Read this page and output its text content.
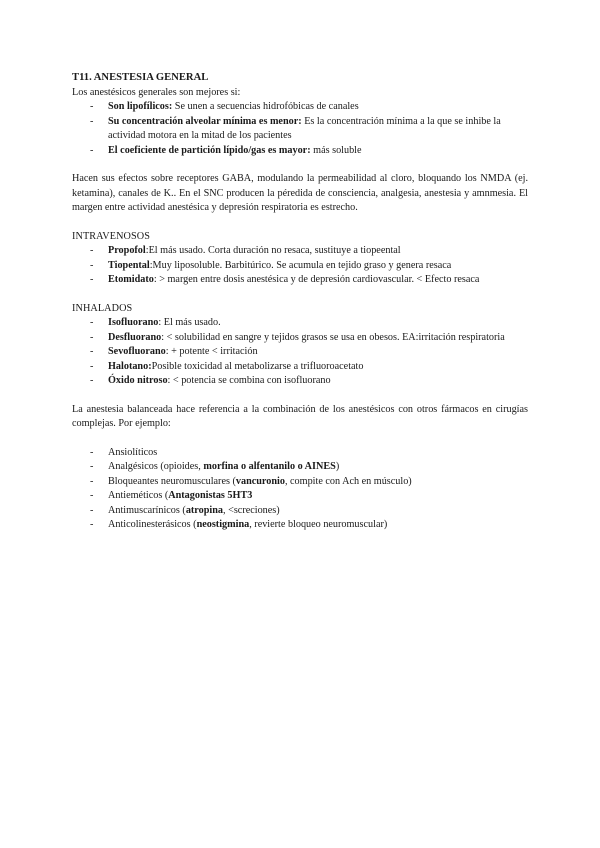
T11. ANESTESIA GENERAL

Los anestésicos generales son mejores si:

- Son lipofílicos: Se unen a secuencias hidrofóbicas de canales
- Su concentración alveolar mínima es menor: Es la concentración mínima a la que se inhibe la actividad motora en la mitad de los pacientes
- El coeficiente de partición lípido/gas es mayor: más soluble

Hacen sus efectos sobre receptores GABA, modulando la permeabilidad al cloro, bloquando los NMDA (ej. ketamina), canales de K.. En el SNC producen la péredida de consciencia, analgesia, anestesia y amnmesia. El margen entre actividad anestésica y depresión respiratoria es estrecho.

INTRAVENOSOS

- Propofol:El más usado. Corta duración no resaca, sustituye a tiopeental
- Tiopental:Muy liposoluble. Barbitúrico. Se acumula en tejido graso y genera resaca
- Etomidato: > margen entre dosis anestésica y de depresión cardiovascular. < Efecto resaca

INHALADOS

- Isofluorano: El más usado.
- Desfluorano: < solubilidad en sangre y tejidos grasos se usa en obesos. EA:irritación respiratoria
- Sevofluorano: + potente < irritación
- Halotano:Posible toxicidad al metabolizarse a trifluoroacetato
- Óxido nitroso: < potencia se combina con isofluorano

La anestesia balanceada hace referencia a la combinación de los anestésicos con otros fármacos en cirugías complejas. Por ejemplo:

- Ansiolíticos
- Analgésicos (opioides, morfina o alfentanilo o AINES)
- Bloqueantes neuromusculares (vancuronio, compite con Ach en músculo)
- Antieméticos (Antagonistas 5HT3
- Antimuscarínicos (atropina, <screciones)
- Anticolinesterásicos (neostigmina, revierte bloqueo neuromuscular)
